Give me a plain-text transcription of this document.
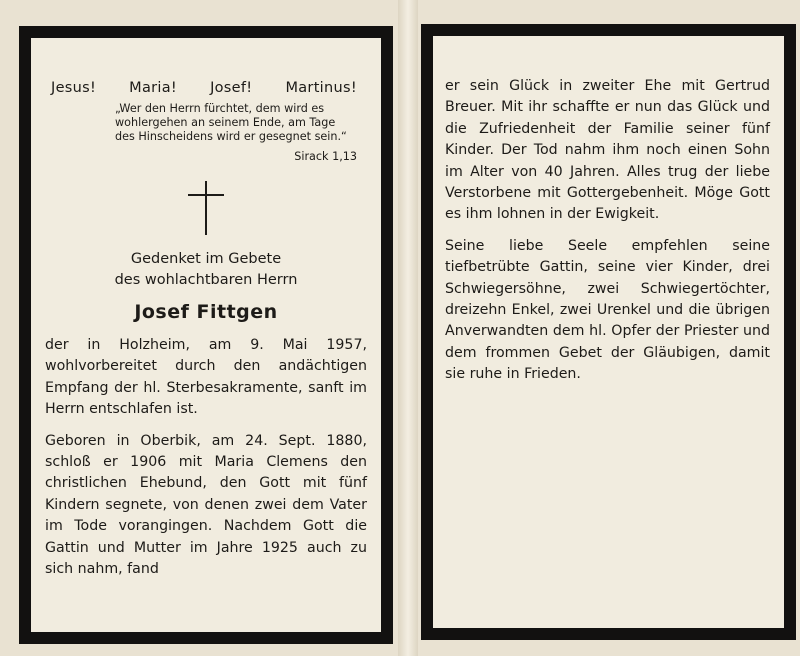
Jesus! Maria! Josef! Martinus!
„Wer den Herrn fürchtet, dem wird es wohlergehen an seinem Ende, am Tage des Hinscheidens wird er gesegnet sein.“
Sirack 1,13
Gedenket im Gebete
des wohlachtbaren Herrn
Josef Fittgen
der in Holzheim, am 9. Mai 1957, wohlvorbereitet durch den andächtigen Empfang der hl. Sterbesakramente, sanft im Herrn entschlafen ist.
Geboren in Oberbik, am 24. Sept. 1880, schloß er 1906 mit Maria Clemens den christlichen Ehebund, den Gott mit fünf Kindern segnete, von denen zwei dem Vater im Tode vorangingen. Nachdem Gott die Gattin und Mutter im Jahre 1925 auch zu sich nahm, fand
er sein Glück in zweiter Ehe mit Gertrud Breuer. Mit ihr schaffte er nun das Glück und die Zufriedenheit der Familie seiner fünf Kinder. Der Tod nahm ihm noch einen Sohn im Alter von 40 Jahren. Alles trug der liebe Verstorbene mit Gottergebenheit. Möge Gott es ihm lohnen in der Ewigkeit.
Seine liebe Seele empfehlen seine tiefbetrübte Gattin, seine vier Kinder, drei Schwiegersöhne, zwei Schwiegertöchter, dreizehn Enkel, zwei Urenkel und die übrigen Anverwandten dem hl. Opfer der Priester und dem frommen Gebet der Gläubigen, damit sie ruhe in Frieden.
